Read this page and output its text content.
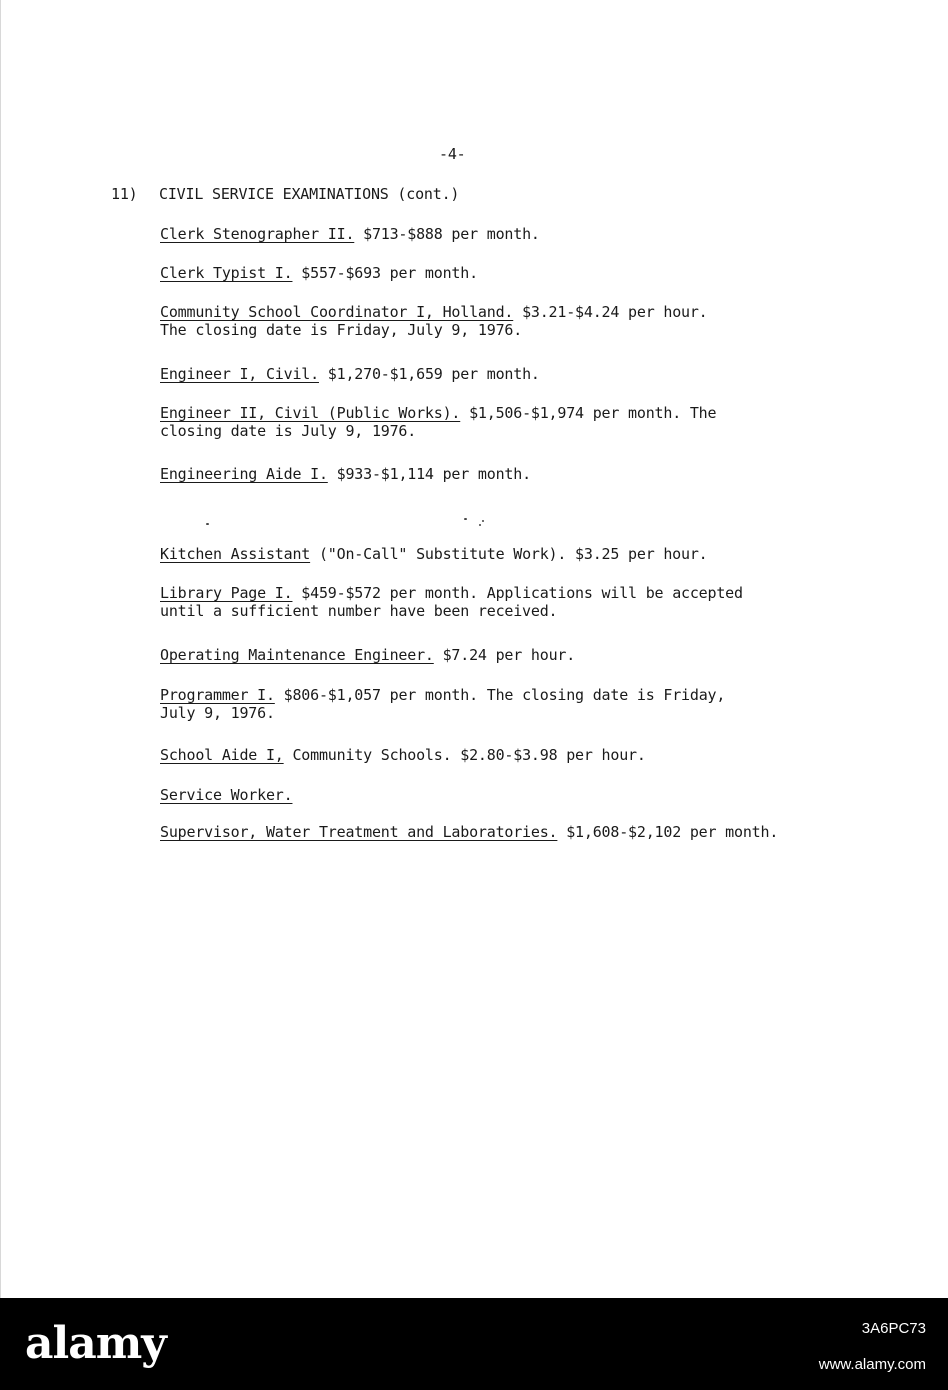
-4-
11) CIVIL SERVICE EXAMINATIONS (cont.)
Clerk Stenographer II. $713-$888 per month.
Clerk Typist I. $557-$693 per month.
Community School Coordinator I, Holland. $3.21-$4.24 per hour.
The closing date is Friday, July 9, 1976.
Engineer I, Civil. $1,270-$1,659 per month.
Engineer II, Civil (Public Works). $1,506-$1,974 per month. The
closing date is July 9, 1976.
Engineering Aide I. $933-$1,114 per month.
Kitchen Assistant ("On-Call" Substitute Work). $3.25 per hour.
Library Page I. $459-$572 per month. Applications will be accepted
until a sufficient number have been received.
Operating Maintenance Engineer. $7.24 per hour.
Programmer I. $806-$1,057 per month. The closing date is Friday,
July 9, 1976.
School Aide I, Community Schools. $2.80-$3.98 per hour.
Service Worker.
Supervisor, Water Treatment and Laboratories. $1,608-$2,102 per month.
alamy	3A6PC73
www.alamy.com
